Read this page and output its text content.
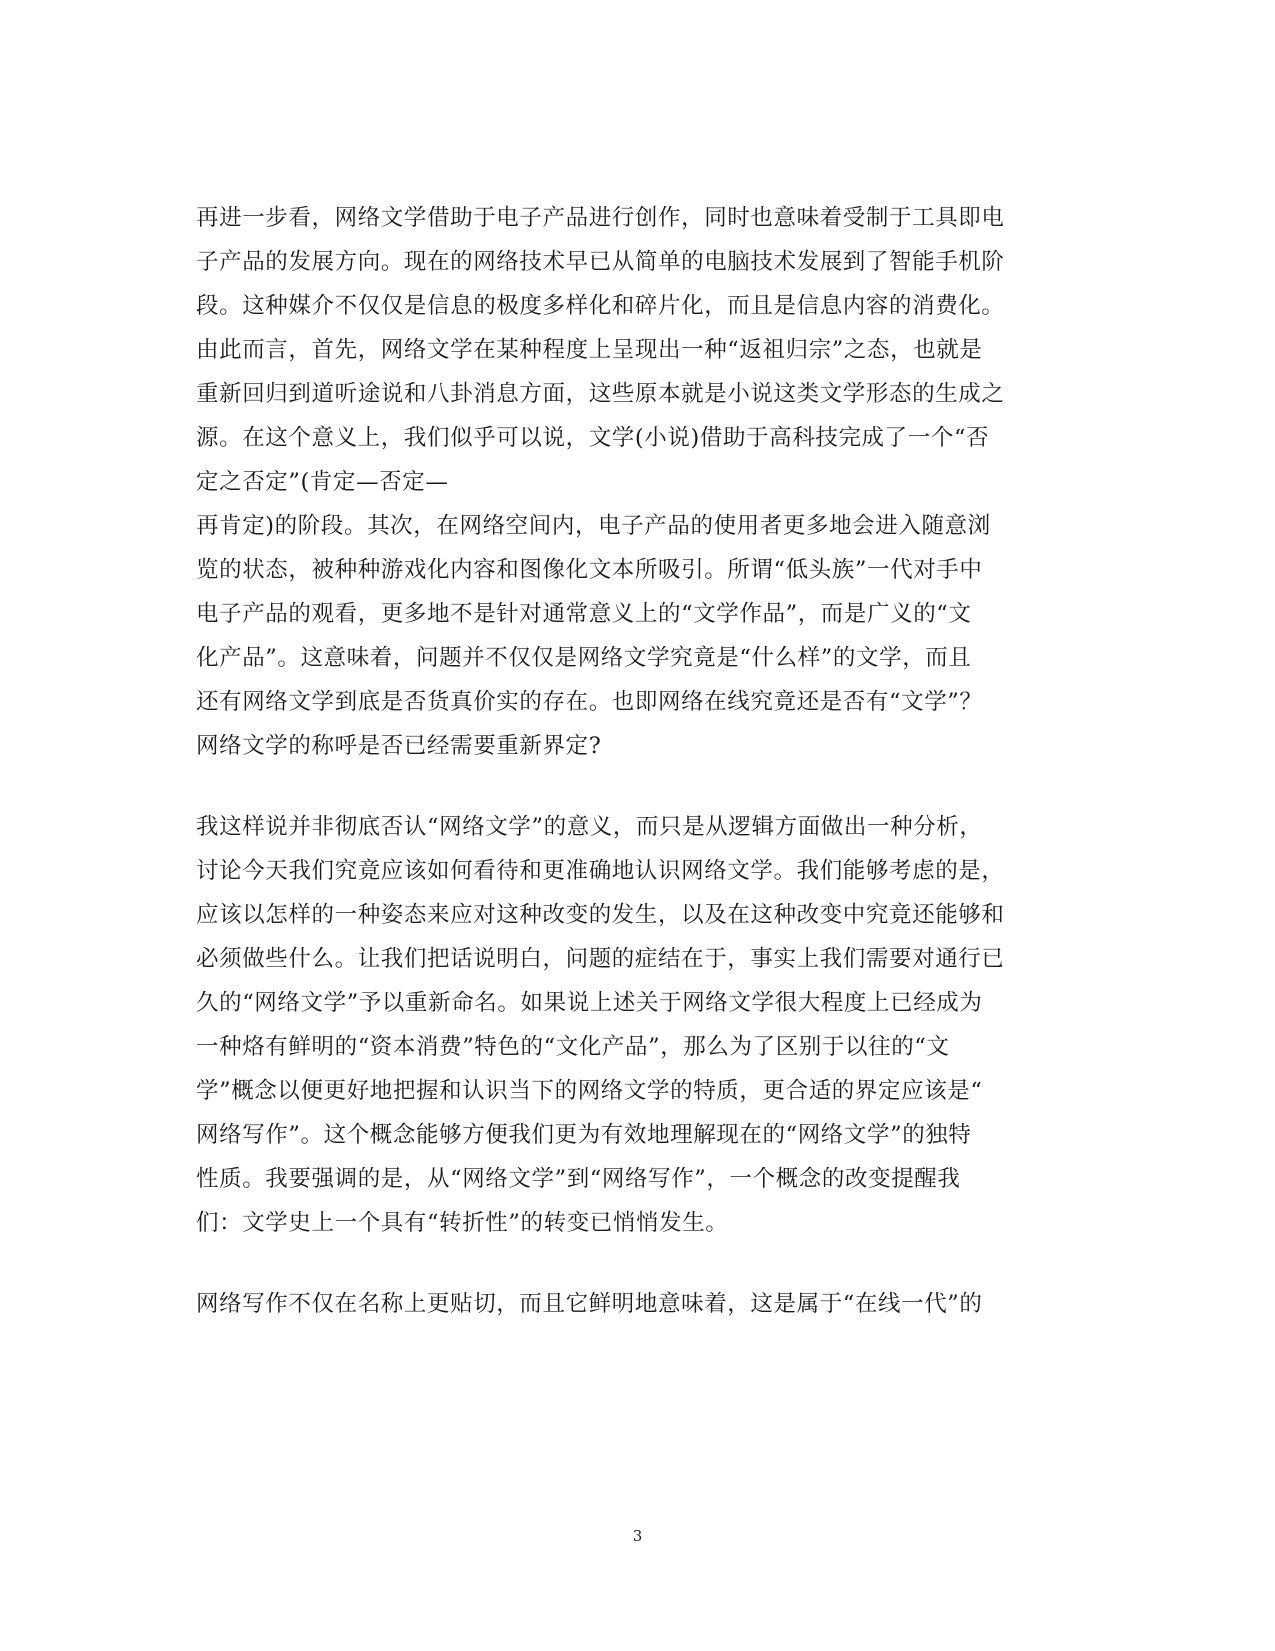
再进一步看，网络文学借助于电子产品进行创作，同时也意味着受制于工具即电
子产品的发展方向。现在的网络技术早已从简单的电脑技术发展到了智能手机阶
段。这种媒介不仅仅是信息的极度多样化和碎片化，而且是信息内容的消费化。
由此而言，首先，网络文学在某种程度上呈现出一种“返祖归宗”之态，也就是
重新回归到道听途说和八卦消息方面，这些原本就是小说这类文学形态的生成之
源。在这个意义上，我们似乎可以说，文学(小说)借助于高科技完成了一个“否
定之否定”(肯定—否定—
再肯定)的阶段。其次，在网络空间内，电子产品的使用者更多地会进入随意浏
览的状态，被种种游戏化内容和图像化文本所吸引。所谓“低头族”一代对手中
电子产品的观看，更多地不是针对通常意义上的“文学作品”，而是广义的“文
化产品”。这意味着，问题并不仅仅是网络文学究竟是“什么样”的文学，而且
还有网络文学到底是否货真价实的存在。也即网络在线究竟还是否有“文学”？
网络文学的称呼是否已经需要重新界定?
我这样说并非彻底否认“网络文学”的意义，而只是从逻辑方面做出一种分析，
讨论今天我们究竟应该如何看待和更准确地认识网络文学。我们能够考虑的是，
应该以怎样的一种姿态来应对这种改变的发生，以及在这种改变中究竟还能够和
必须做些什么。让我们把话说明白，问题的症结在于，事实上我们需要对通行已
久的“网络文学”予以重新命名。如果说上述关于网络文学很大程度上已经成为
一种烙有鲜明的“资本消费”特色的“文化产品”，那么为了区别于以往的“文
学”概念以便更好地把握和认识当下的网络文学的特质，更合适的界定应该是“
网络写作”。这个概念能够方便我们更为有效地理解现在的“网络文学”的独特
性质。我要强调的是，从“网络文学”到“网络写作”，一个概念的改变提醒我
们：文学史上一个具有“转折性”的转变已悄悄发生。
网络写作不仅在名称上更贴切，而且它鲜明地意味着，这是属于“在线一代”的
3
